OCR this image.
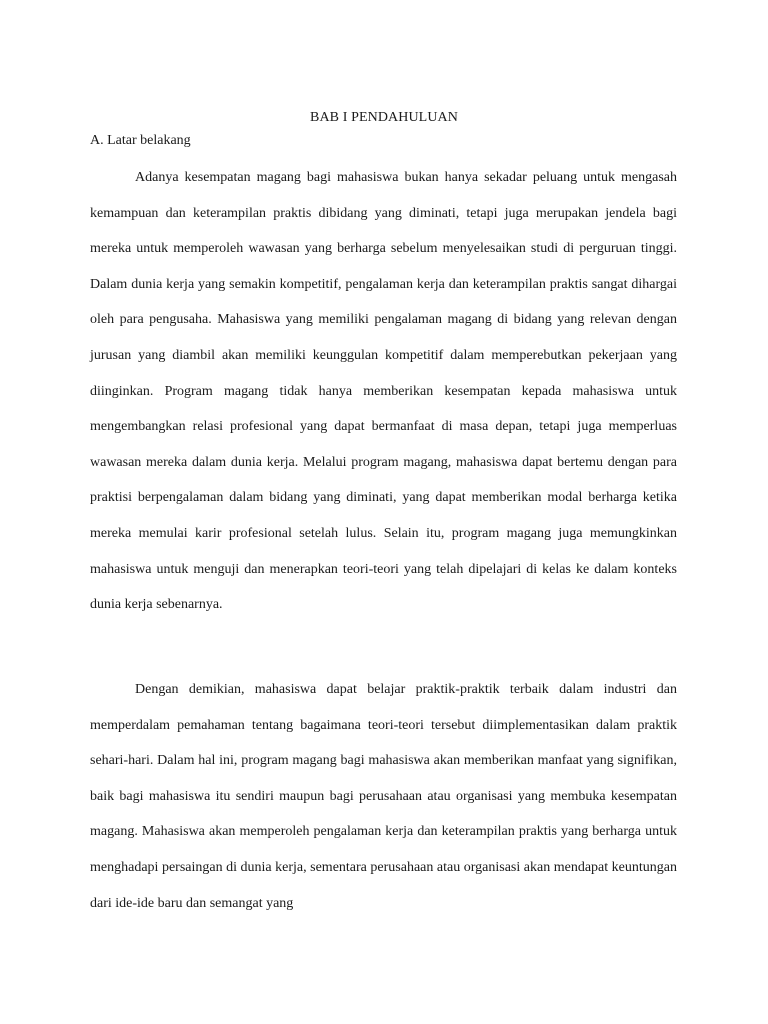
BAB I PENDAHULUAN
A. Latar belakang

Adanya kesempatan magang bagi mahasiswa bukan hanya sekadar peluang untuk mengasah kemampuan dan keterampilan praktis dibidang yang diminati, tetapi juga merupakan jendela bagi mereka untuk memperoleh wawasan yang berharga sebelum menyelesaikan studi di perguruan tinggi. Dalam dunia kerja yang semakin kompetitif, pengalaman kerja dan keterampilan praktis sangat dihargai oleh para pengusaha. Mahasiswa yang memiliki pengalaman magang di bidang yang relevan dengan jurusan yang diambil akan memiliki keunggulan kompetitif dalam memperebutkan pekerjaan yang diinginkan. Program magang tidak hanya memberikan kesempatan kepada mahasiswa untuk mengembangkan relasi profesional yang dapat bermanfaat di masa depan, tetapi juga memperluas wawasan mereka dalam dunia kerja. Melalui program magang, mahasiswa dapat bertemu dengan para praktisi berpengalaman dalam bidang yang diminati, yang dapat memberikan modal berharga ketika mereka memulai karir profesional setelah lulus. Selain itu, program magang juga memungkinkan mahasiswa untuk menguji dan menerapkan teori-teori yang telah dipelajari di kelas ke dalam konteks dunia kerja sebenarnya.

Dengan demikian, mahasiswa dapat belajar praktik-praktik terbaik dalam industri dan memperdalam pemahaman tentang bagaimana teori-teori tersebut diimplementasikan dalam praktik sehari-hari. Dalam hal ini, program magang bagi mahasiswa akan memberikan manfaat yang signifikan, baik bagi mahasiswa itu sendiri maupun bagi perusahaan atau organisasi yang membuka kesempatan magang. Mahasiswa akan memperoleh pengalaman kerja dan keterampilan praktis yang berharga untuk menghadapi persaingan di dunia kerja, sementara perusahaan atau organisasi akan mendapat keuntungan dari ide-ide baru dan semangat yang
